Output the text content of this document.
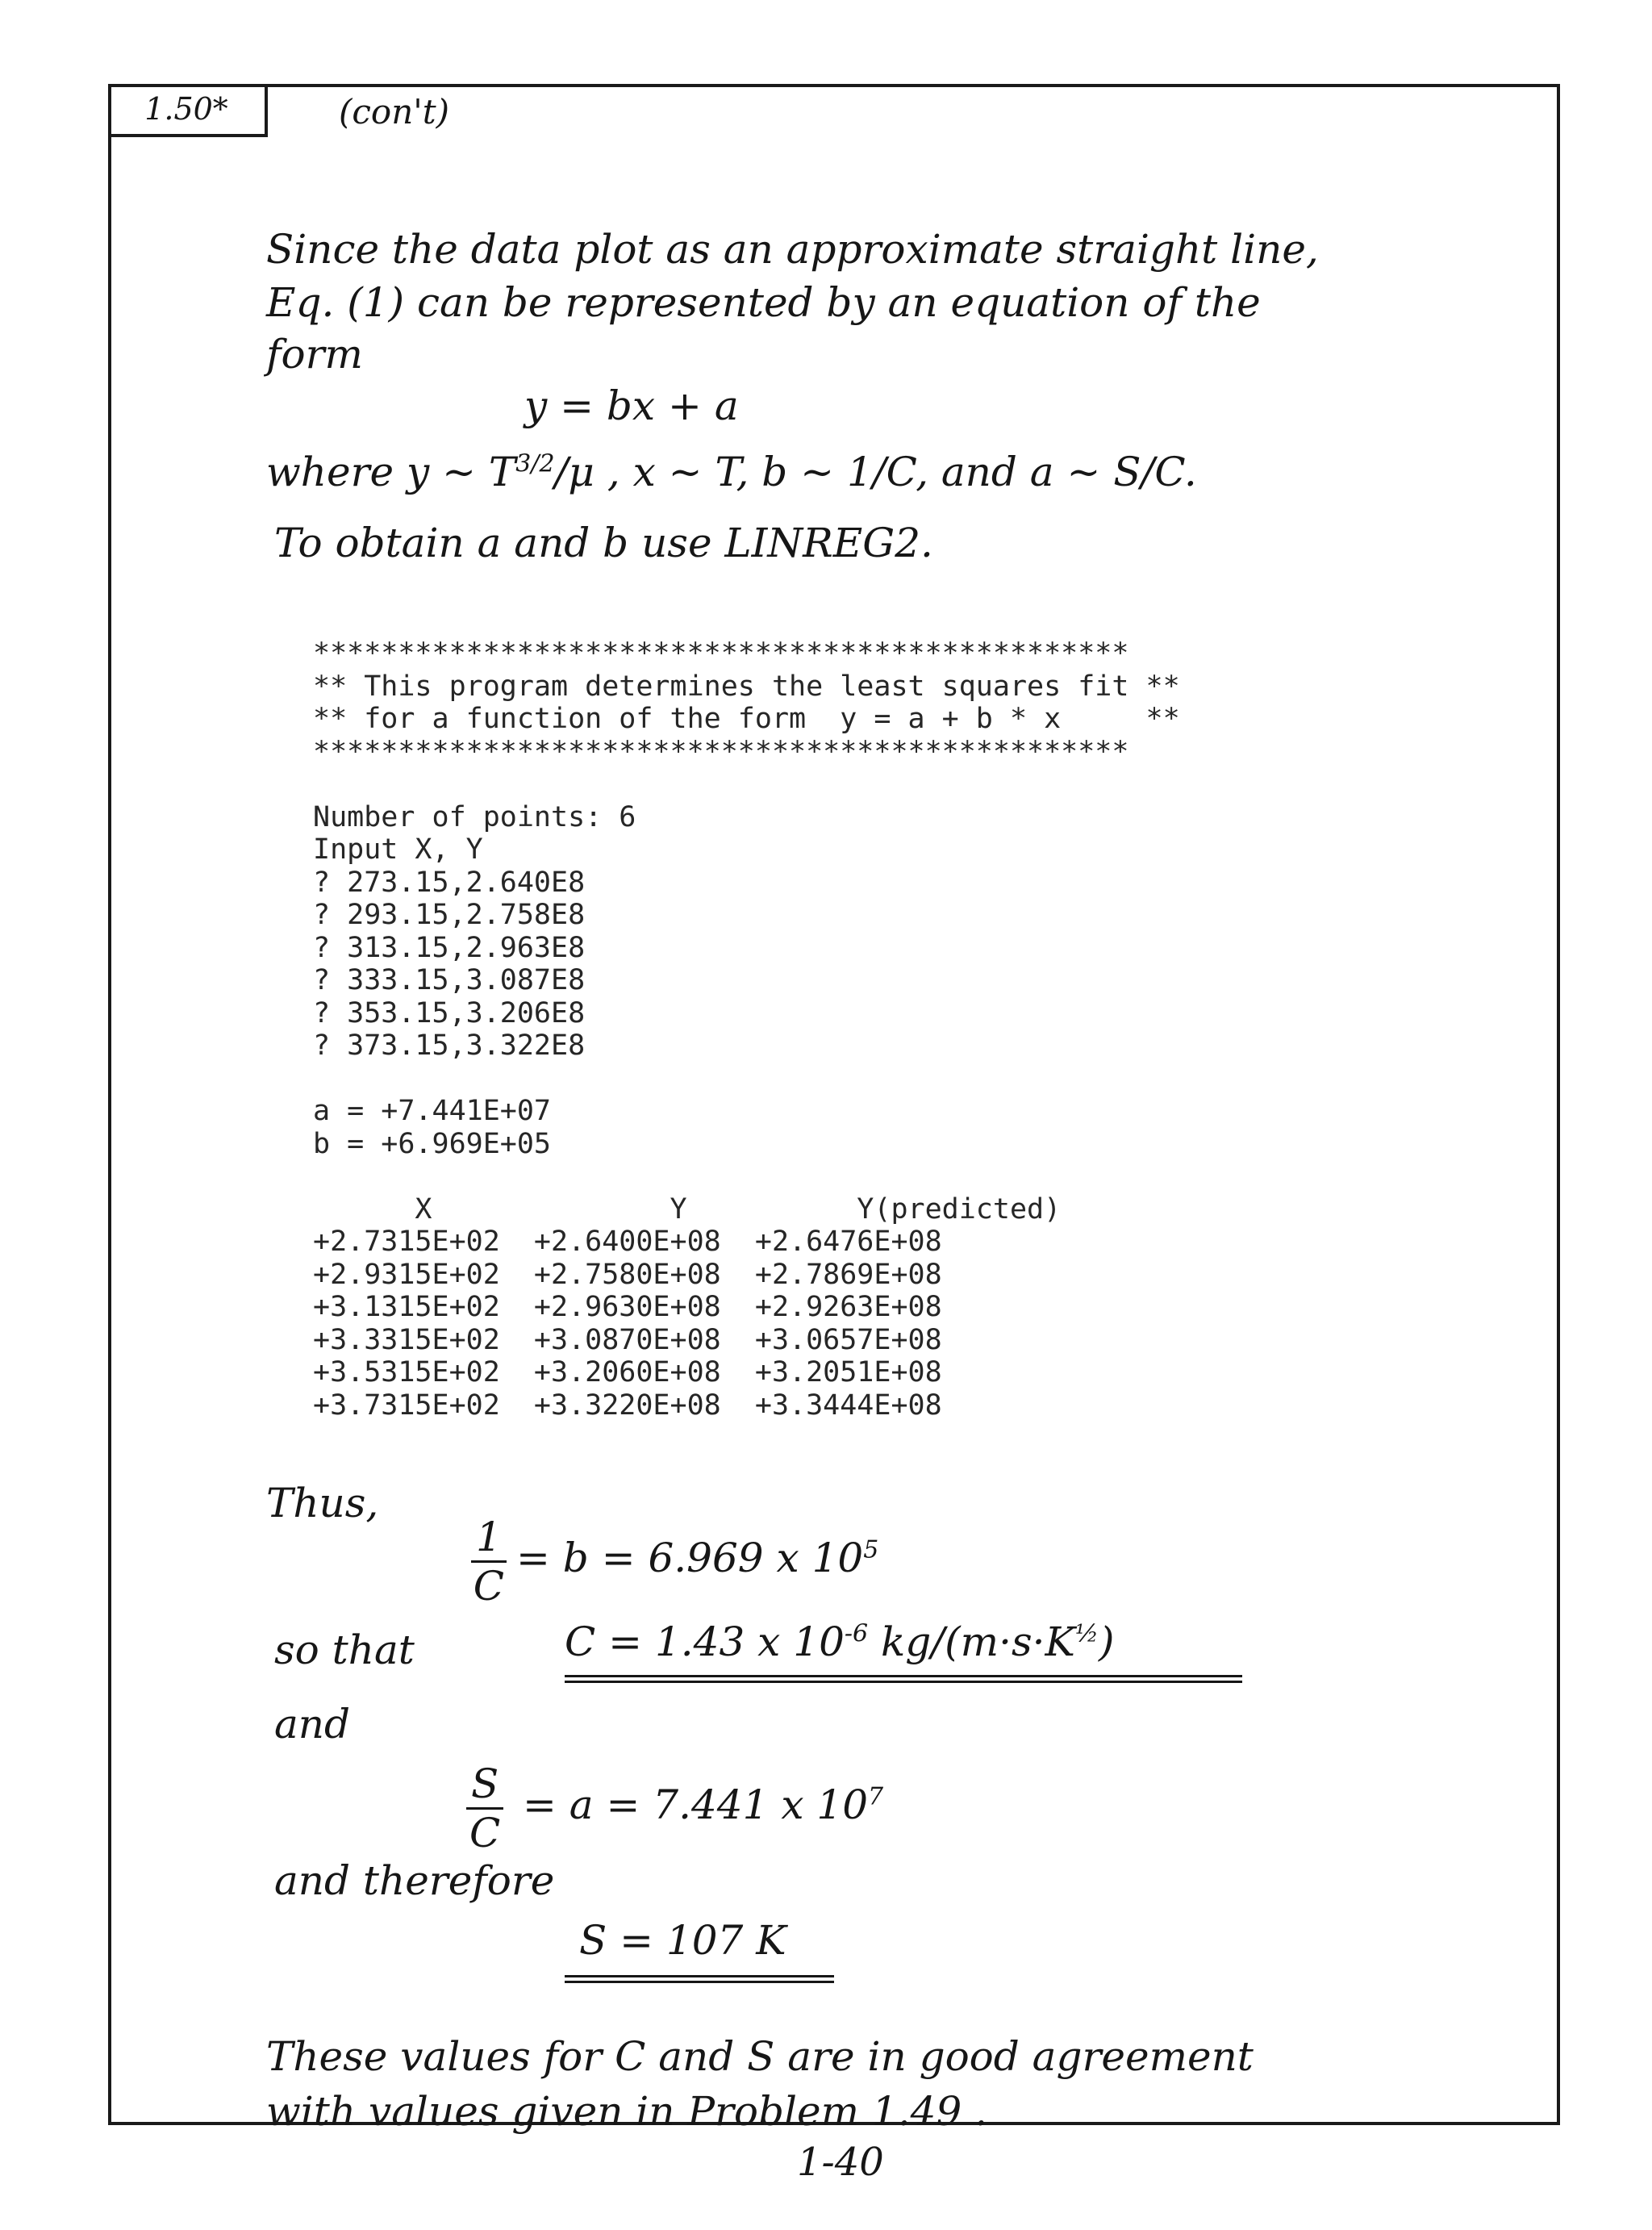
1.50*	(con't)
Since the data plot as an approximate straight line,
Eq. (1) can be represented by an equation of the
form
y = bx + a
where y ~ $T^{3/2}/\mu$ , x ~ T, b ~ 1/C, and a ~ S/C.
To obtain a and b use LINREG2.
************************************************
** This program determines the least squares fit **
** for a function of the form  y = a + b * x     **
************************************************

Number of points: 6
Input X, Y
? 273.15,2.640E8
? 293.15,2.758E8
? 313.15,2.963E8
? 333.15,3.087E8
? 353.15,3.206E8
? 373.15,3.322E8

a = +7.441E+07
b = +6.969E+05

X              Y          Y(predicted)
+2.7315E+02  +2.6400E+08  +2.6476E+08
+2.9315E+02  +2.7580E+08  +2.7869E+08
+3.1315E+02  +2.9630E+08  +2.9263E+08
+3.3315E+02  +3.0870E+08  +3.0657E+08
+3.5315E+02  +3.2060E+08  +3.2051E+08
+3.7315E+02  +3.3220E+08  +3.3444E+08
Thus,
$\frac{1}{C} = b = 6.969$ x $10^5$
so that	C = 1.43 x $10^{-6}$ $kg/(m\cdot s\cdot K^{\frac{1}{2}})$
and
$\frac{S}{C} = a = 7.441$ x $10^7$
and therefore
S = 107 K
These values for C and S are in good agreement
with values given in Problem 1.49 .
1-40
